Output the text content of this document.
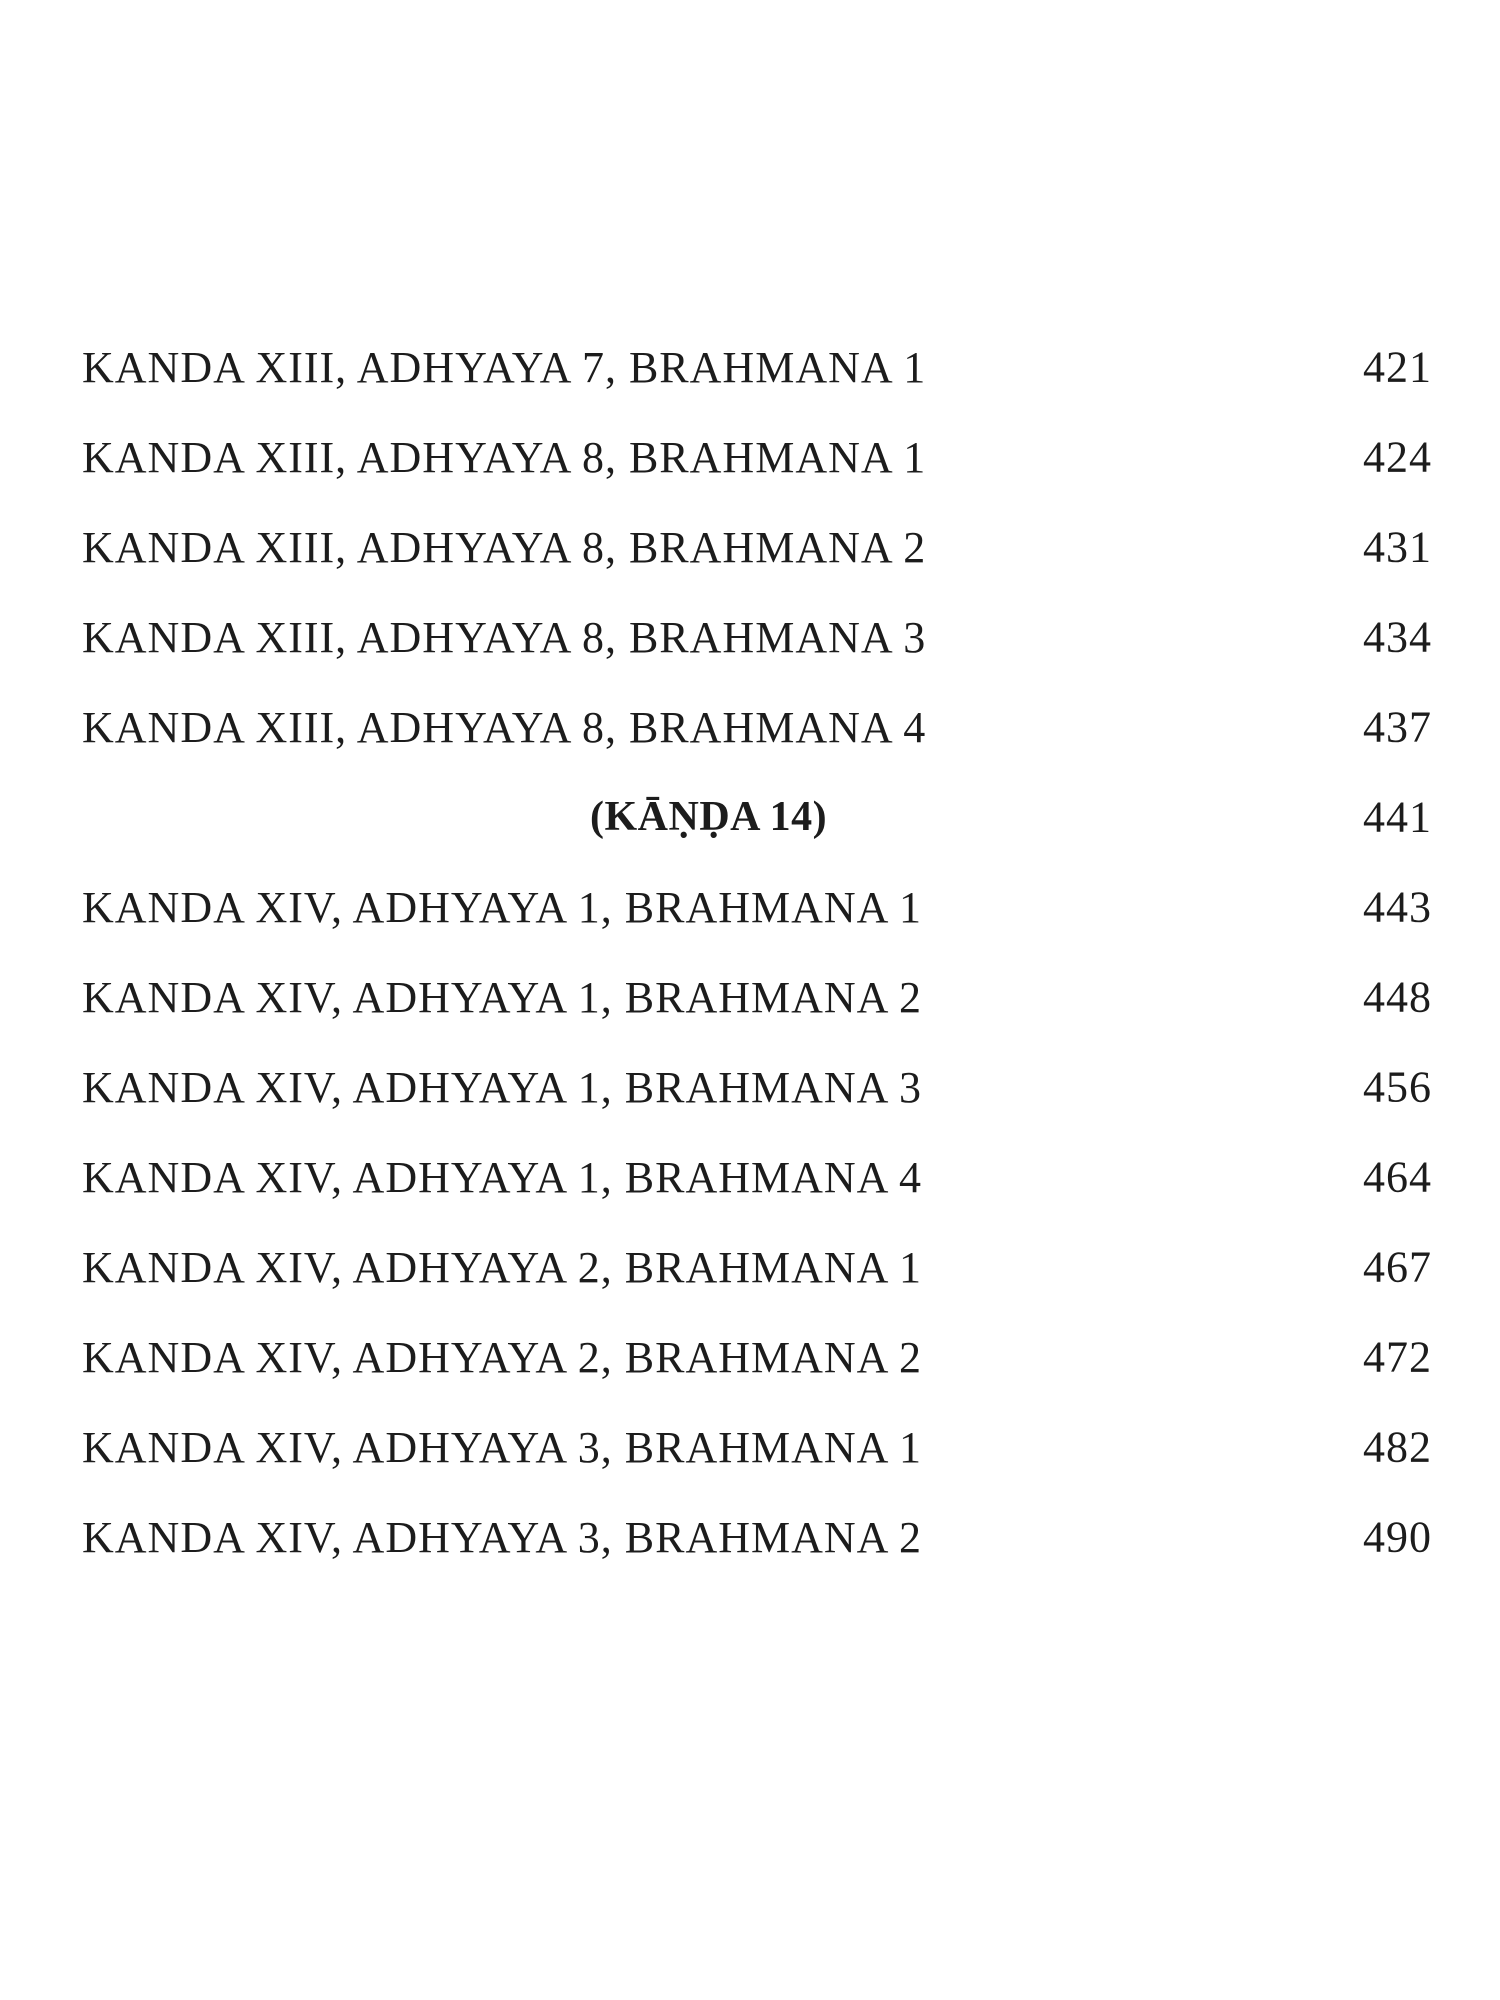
KANDA XIII, ADHYAYA 7, BRAHMANA 1	421
KANDA XIII, ADHYAYA 8, BRAHMANA 1	424
KANDA XIII, ADHYAYA 8, BRAHMANA 2	431
KANDA XIII, ADHYAYA 8, BRAHMANA 3	434
KANDA XIII, ADHYAYA 8, BRAHMANA 4	437
(KĀṆḌA 14)	441
KANDA XIV, ADHYAYA 1, BRAHMANA 1	443
KANDA XIV, ADHYAYA 1, BRAHMANA 2	448
KANDA XIV, ADHYAYA 1, BRAHMANA 3	456
KANDA XIV, ADHYAYA 1, BRAHMANA 4	464
KANDA XIV, ADHYAYA 2, BRAHMANA 1	467
KANDA XIV, ADHYAYA 2, BRAHMANA 2	472
KANDA XIV, ADHYAYA 3, BRAHMANA 1	482
KANDA XIV, ADHYAYA 3, BRAHMANA 2	490
